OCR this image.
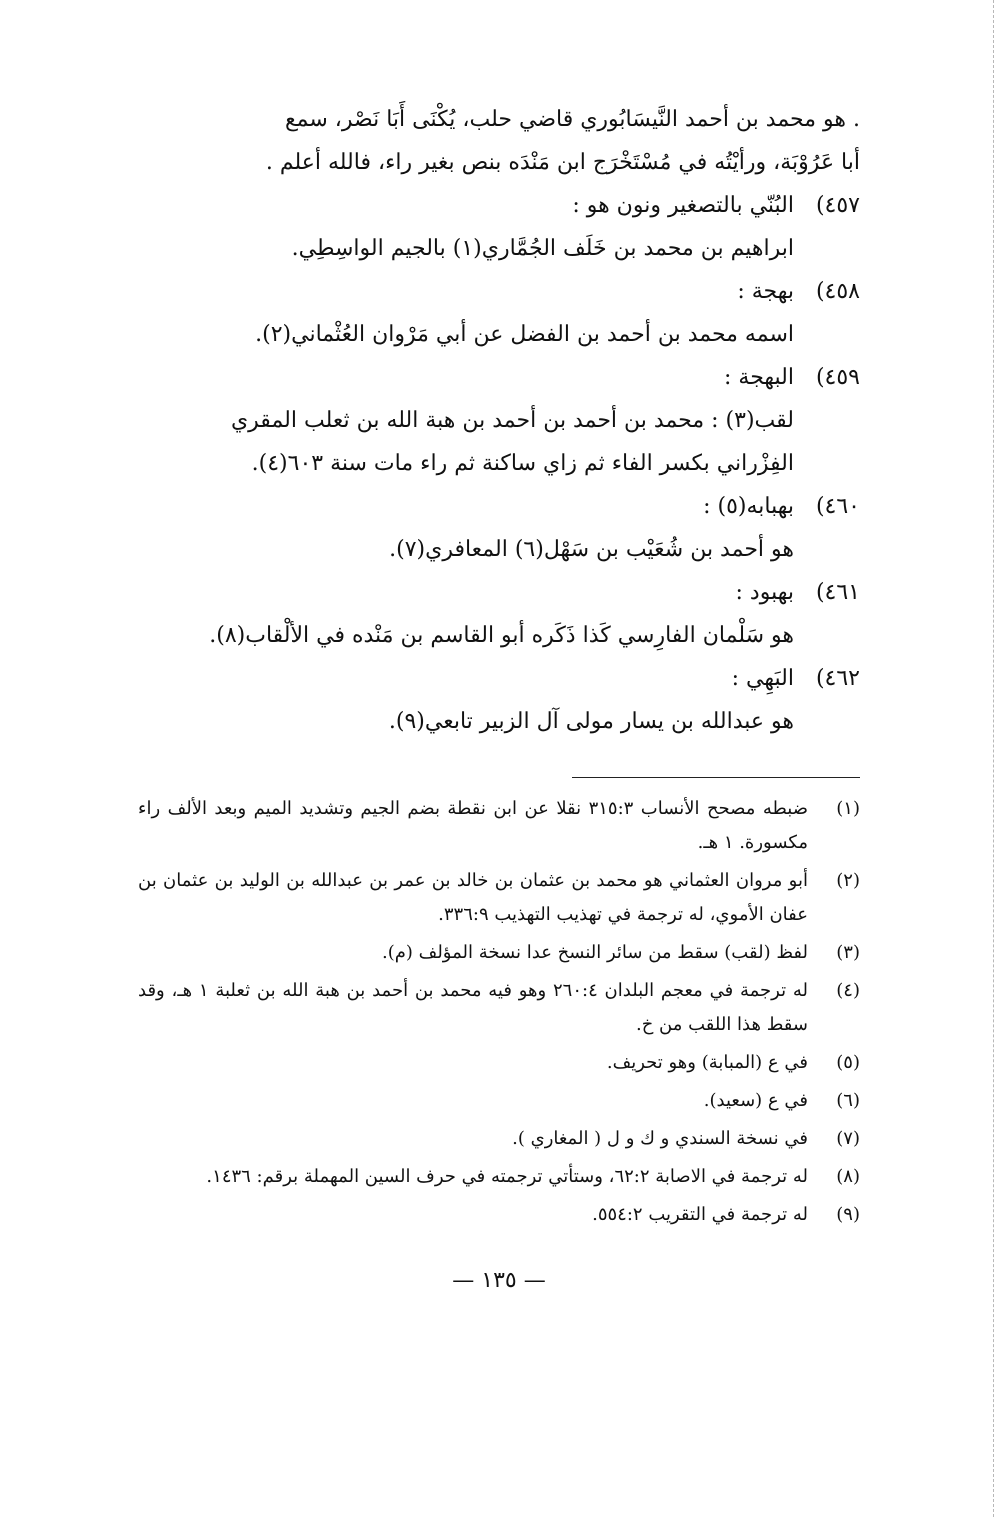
. هو محمد بن أحمد النَّيسَابُوري قاضي حلب، يُكْنَى أَبَا نَصْر، سمع

أبا عَرُوْبَة، ورأيْتُه في مُسْتَخْرَج ابن مَنْدَه بنص بغير راء، فالله أعلم .

٤٥٧)
البُنّي بالتصغير ونون هو :

ابراهيم بن محمد بن خَلَف الجُمَّاري(١) بالجيم الواسِطِي.

٤٥٨)
بهجة :

اسمه محمد بن أحمد بن الفضل عن أبي مَرْوان العُثْماني(٢).

٤٥٩)
البهجة :

لقب(٣) : محمد بن أحمد بن أحمد بن هبة الله بن ثعلب المقري

الفِزْراني بكسر الفاء ثم زاي ساكنة ثم راء مات سنة ٦٠٣(٤).

٤٦٠)
بهبابه(٥) :

هو أحمد بن شُعَيْب بن سَهْل(٦) المعافري(٧).

٤٦١)
بهبود :

هو سَلْمان الفارِسي كَذا ذَكَره أبو القاسم بن مَنْده في الألْقاب(٨).

٤٦٢)
البَهِي :

هو عبدالله بن يسار مولى آل الزبير تابعي(٩).

(١)
ضبطه مصحح الأنساب ٣١٥:٣ نقلا عن ابن نقطة بضم الجيم وتشديد الميم وبعد الألف راء مكسورة. ١ هـ.
(٢)
أبو مروان العثماني هو محمد بن عثمان بن خالد بن عمر بن عبدالله بن الوليد بن عثمان بن عفان الأموي، له ترجمة في تهذيب التهذيب ٣٣٦:٩.
(٣)
لفظ (لقب) سقط من سائر النسخ عدا نسخة المؤلف (م).
(٤)
له ترجمة في معجم البلدان ٢٦٠:٤ وهو فيه محمد بن أحمد بن هبة الله بن ثعلبة ١ هـ، وقد سقط هذا اللقب من خ.
(٥)
في ع (المبابة) وهو تحريف.
(٦)
في ع (سعيد).
(٧)
في نسخة السندي و ك و ل ( المغاري ).
(٨)
له ترجمة في الاصابة ٦٢:٢، وستأتي ترجمته في حرف السين المهملة برقم: ١٤٣٦.
(٩)
له ترجمة في التقريب ٥٥٤:٢.
— ١٣٥ —
